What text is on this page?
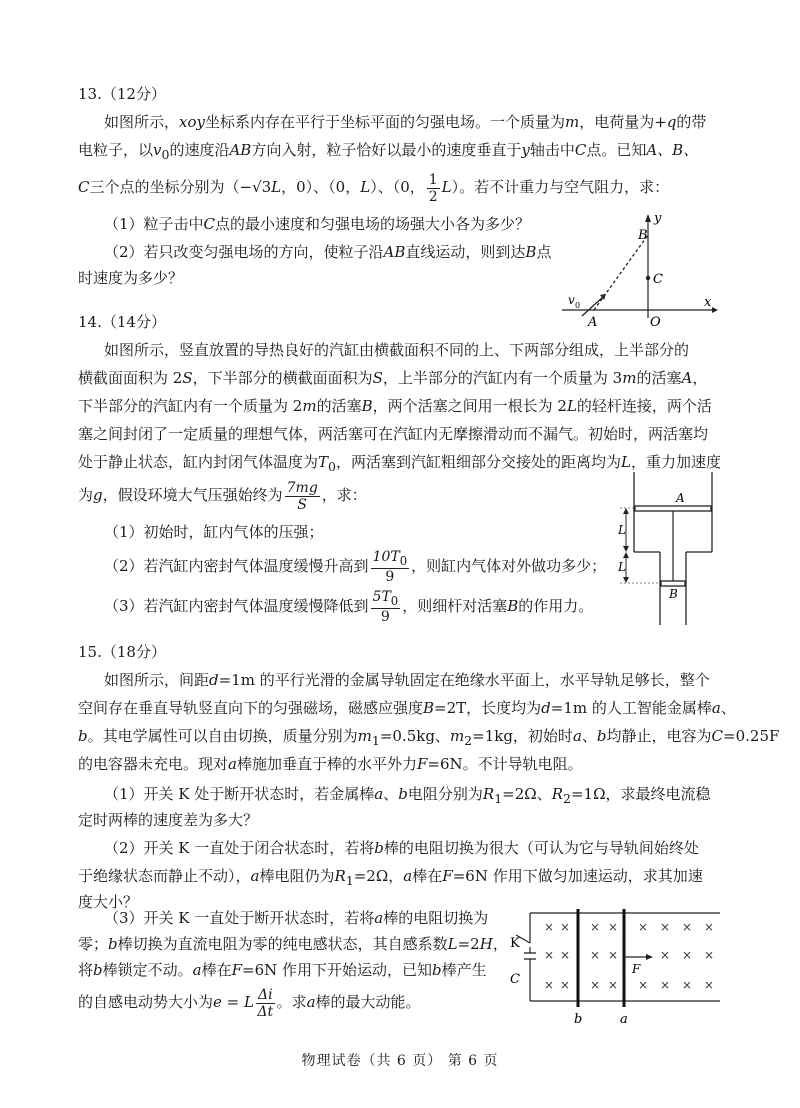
13.（12分）
如图所示，xoy坐标系内存在平行于坐标平面的匀强电场。一个质量为m，电荷量为+q的带
电粒子，以$v_0$的速度沿AB方向入射，粒子恰好以最小的速度垂直于y轴击中C点。已知A、B、
C三个点的坐标分别为（−√3L，0）、（0，L）、（0， $\frac{1}{2} L$）。若不计重力与空气阻力，求：
（1）粒子击中C点的最小速度和匀强电场的场强大小各为多少？
（2）若只改变匀强电场的方向，使粒子沿AB直线运动，则到达B点
时速度为多少？
y
B
C
v 0
A	O
x
14.（14分）
如图所示，竖直放置的导热良好的汽缸由横截面积不同的上、下两部分组成，上半部分的
横截面面积为 2S，下半部分的横截面面积为S，上半部分的汽缸内有一个质量为 3m的活塞A，
下半部分的汽缸内有一个质量为 2m的活塞B，两个活塞之间用一根长为 2L的轻杆连接，两个活
塞之间封闭了一定质量的理想气体，两活塞可在汽缸内无摩擦滑动而不漏气。初始时，两活塞均
处于静止状态，缸内封闭气体温度为$T_0$，两活塞到汽缸粗细部分交接处的距离均为L，重力加速度
为g，假设环境大气压强始终为 $\frac{7mg}{S}$ ，求：
（1）初始时，缸内气体的压强；
（2）若汽缸内密封气体温度缓慢升高到 $\frac{10T_0}{9}$ ，则缸内气体对外做功多少；
（3）若汽缸内密封气体温度缓慢降低到 $\frac{5T_0}{9}$ ，则细杆对活塞B的作用力。
A
B
L
L
15.（18分）
如图所示，间距d=1m 的平行光滑的金属导轨固定在绝缘水平面上，水平导轨足够长，整个
空间存在垂直导轨竖直向下的匀强磁场，磁感应强度B=2T，长度均为d=1m 的人工智能金属棒a、
b。其电学属性可以自由切换，质量分别为$m_1=0.5kg$、$m_2=1kg$，初始时a、b均静止，电容为C=0.25F
的电容器未充电。现对a棒施加垂直于棒的水平外力F=6N。不计导轨电阻。
（1）开关 K 处于断开状态时，若金属棒a、b电阻分别为$R_1=2\Omega$、$R_2=1\Omega$，求最终电流稳
定时两棒的速度差为多大？
（2）开关 K 一直处于闭合状态时，若将b棒的电阻切换为很大（可认为它与导轨间始终处
于绝缘状态而静止不动），a棒电阻仍为$R_1=2\Omega$，a棒在F=6N 作用下做匀加速运动，求其加速
度大小？
（3）开关 K 一直处于断开状态时，若将a棒的电阻切换为
零；b棒切换为直流电阻为零的纯电感状态，其自感系数L=2H，
将b棒锁定不动。a棒在F=6N 作用下开始运动，已知b棒产生
的自感电动势大小为e = L $\frac{\Delta i}{\Delta t}$ 。求a棒的最大动能。
× × × × × × × ×
× × × ×	× × ×
× × × × × × × ×
K
C
F
b	a
物理试卷（共 6 页） 第 6 页
